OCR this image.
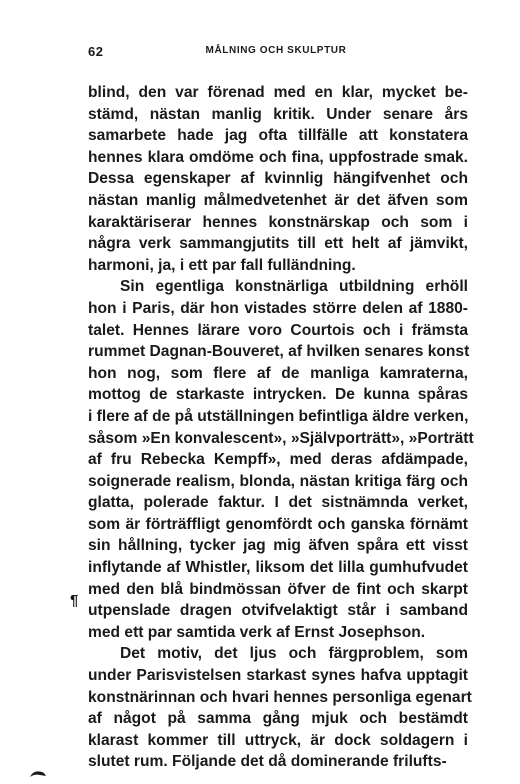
62	MÅLNING OCH SKULPTUR
blind, den var förenad med en klar, mycket be-
stämd, nästan manlig kritik. Under senare års
samarbete hade jag ofta tillfälle att konstatera
hennes klara omdöme och fina, uppfostrade smak.
Dessa egenskaper af kvinnlig hängifvenhet och
nästan manlig målmedvetenhet är det äfven som
karaktäriserar hennes konstnärskap och som i
några verk sammangjutits till ett helt af jämvikt,
harmoni, ja, i ett par fall fulländning.
Sin egentliga konstnärliga utbildning erhöll
hon i Paris, där hon vistades större delen af 1880-
talet. Hennes lärare voro Courtois och i främsta
rummet Dagnan-Bouveret, af hvilken senares konst
hon nog, som flere af de manliga kamraterna,
mottog de starkaste intrycken. De kunna spåras
i flere af de på utställningen befintliga äldre verken,
såsom »En konvalescent», »Självporträtt», »Porträtt
af fru Rebecka Kempff», med deras afdämpade,
soignerade realism, blonda, nästan kritiga färg och
glatta, polerade faktur. I det sistnämnda verket,
som är förträffligt genomfördt och ganska förnämt
sin hållning, tycker jag mig äfven spåra ett visst
inflytande af Whistler, liksom det lilla gumhufvudet
med den blå bindmössan öfver de fint och skarpt
utpenslade dragen otvifvelaktigt står i samband
med ett par samtida verk af Ernst Josephson.
Det motiv, det ljus och färgproblem, som
under Parisvistelsen starkast synes hafva upptagit
konstnärinnan och hvari hennes personliga egenart
af något på samma gång mjuk och bestämdt
klarast kommer till uttryck, är dock soldagern i
slutet rum. Följande det då dominerande frilufts-
¶
